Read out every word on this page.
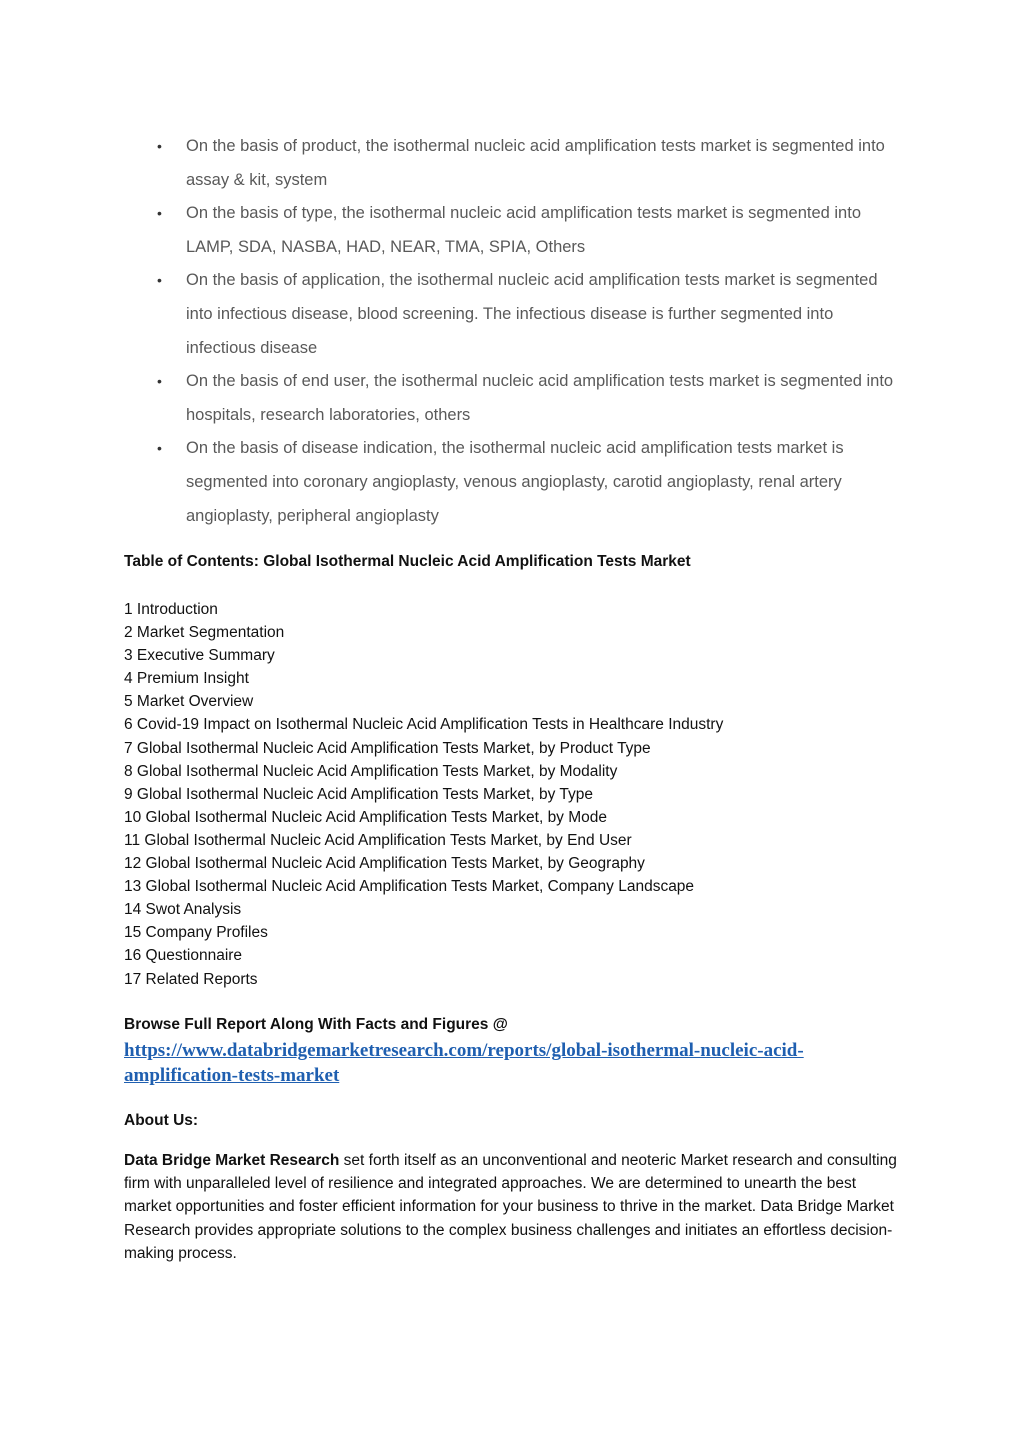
• On the basis of product, the isothermal nucleic acid amplification tests market is segmented into assay & kit, system
• On the basis of type, the isothermal nucleic acid amplification tests market is segmented into LAMP, SDA, NASBA, HAD, NEAR, TMA, SPIA, Others
• On the basis of application, the isothermal nucleic acid amplification tests market is segmented into infectious disease, blood screening. The infectious disease is further segmented into infectious disease
• On the basis of end user, the isothermal nucleic acid amplification tests market is segmented into hospitals, research laboratories, others
• On the basis of disease indication, the isothermal nucleic acid amplification tests market is segmented into coronary angioplasty, venous angioplasty, carotid angioplasty, renal artery angioplasty, peripheral angioplasty
Table of Contents: Global Isothermal Nucleic Acid Amplification Tests Market
1 Introduction
2 Market Segmentation
3 Executive Summary
4 Premium Insight
5 Market Overview
6 Covid-19 Impact on Isothermal Nucleic Acid Amplification Tests in Healthcare Industry
7 Global Isothermal Nucleic Acid Amplification Tests Market, by Product Type
8 Global Isothermal Nucleic Acid Amplification Tests Market, by Modality
9 Global Isothermal Nucleic Acid Amplification Tests Market, by Type
10 Global Isothermal Nucleic Acid Amplification Tests Market, by Mode
11 Global Isothermal Nucleic Acid Amplification Tests Market, by End User
12 Global Isothermal Nucleic Acid Amplification Tests Market, by Geography
13 Global Isothermal Nucleic Acid Amplification Tests Market, Company Landscape
14 Swot Analysis
15 Company Profiles
16 Questionnaire
17 Related Reports
Browse Full Report Along With Facts and Figures @
https://www.databridgemarketresearch.com/reports/global-isothermal-nucleic-acid-
amplification-tests-market
About Us:

Data Bridge Market Research set forth itself as an unconventional and neoteric Market research and consulting firm with unparalleled level of resilience and integrated approaches. We are determined to unearth the best market opportunities and foster efficient information for your business to thrive in the market. Data Bridge Market Research provides appropriate solutions to the complex business challenges and initiates an effortless decision-making process.
